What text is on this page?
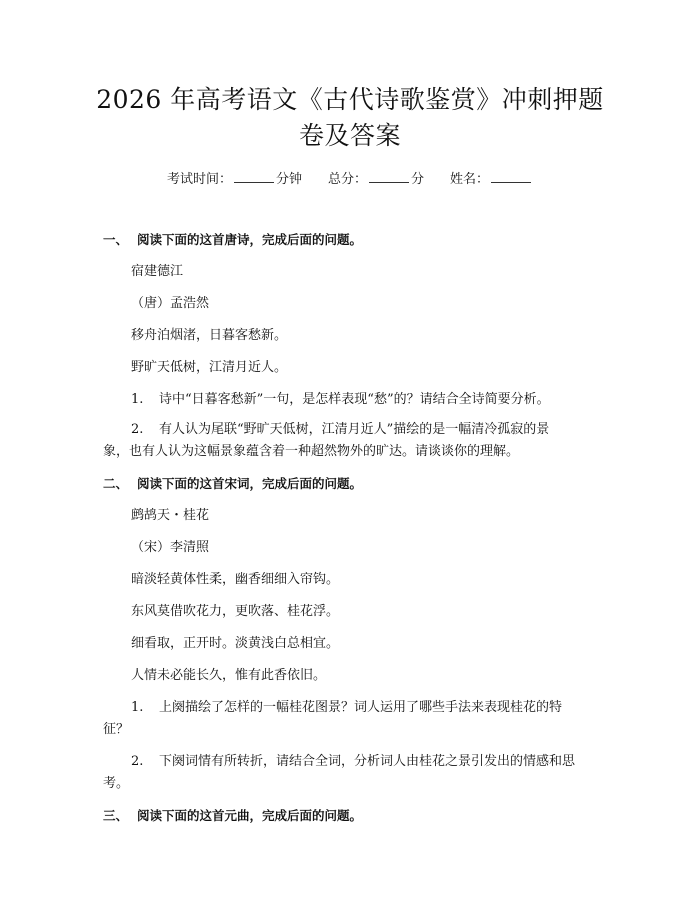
2026 年高考语文《古代诗歌鉴赏》冲刺押题
卷及答案
考试时间：	分钟 总分：	分 姓名：
一、 阅读下面的这首唐诗，完成后面的问题。
宿建德江
（唐）孟浩然
移舟泊烟渚，日暮客愁新。
野旷天低树，江清月近人。
1. 诗中“日暮客愁新”一句，是怎样表现“愁”的？请结合全诗简要分析。
2. 有人认为尾联“野旷天低树，江清月近人”描绘的是一幅清冷孤寂的景
象，也有人认为这幅景象蕴含着一种超然物外的旷达。请谈谈你的理解。
二、 阅读下面的这首宋词，完成后面的问题。
鹧鸪天・桂花
（宋）李清照
暗淡轻黄体性柔，幽香细细入帘钩。
东风莫借吹花力，更吹落、桂花浮。
细看取，正开时。淡黄浅白总相宜。
人情未必能长久，惟有此香依旧。
1. 上阕描绘了怎样的一幅桂花图景？词人运用了哪些手法来表现桂花的特
征？
2. 下阕词情有所转折，请结合全词，分析词人由桂花之景引发出的情感和思
考。
三、 阅读下面的这首元曲，完成后面的问题。
